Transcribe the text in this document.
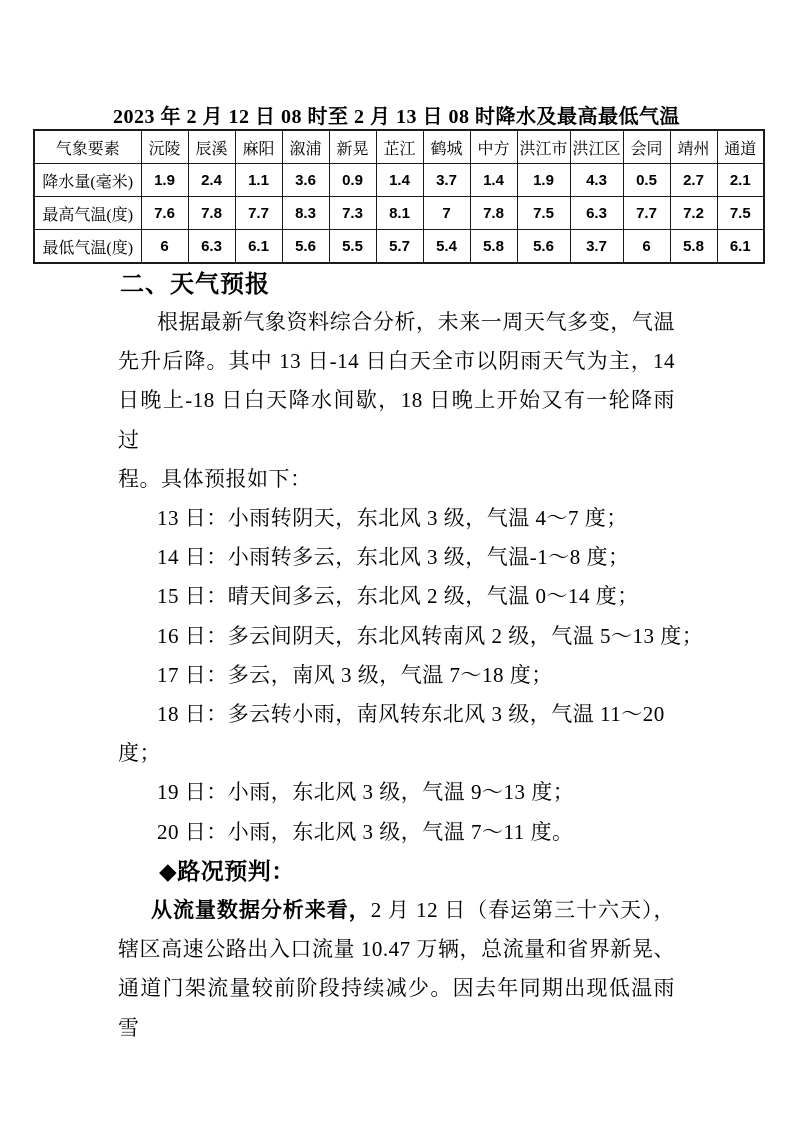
2023 年 2 月 12 日 08 时至 2 月 13 日 08 时降水及最高最低气温
气象要素	沅陵	辰溪	麻阳	溆浦	新晃	芷江	鹤城	中方	洪江市	洪江区	会同	靖州	通道
降水量(毫米)	1.9	2.4	1.1	3.6	0.9	1.4	3.7	1.4	1.9	4.3	0.5	2.7	2.1
最高气温(度)	7.6	7.8	7.7	8.3	7.3	8.1	7	7.8	7.5	6.3	7.7	7.2	7.5
最低气温(度)	6	6.3	6.1	5.6	5.5	5.7	5.4	5.8	5.6	3.7	6	5.8	6.1
二、天气预报
根据最新气象资料综合分析，未来一周天气多变，气温
先升后降。其中 13 日-14 日白天全市以阴雨天气为主，14
日晚上-18 日白天降水间歇，18 日晚上开始又有一轮降雨过
程。具体预报如下：
13 日：小雨转阴天，东北风 3 级，气温 4～7 度；
14 日：小雨转多云，东北风 3 级，气温-1～8 度；
15 日：晴天间多云，东北风 2 级，气温 0～14 度；
16 日：多云间阴天，东北风转南风 2 级，气温 5～13 度；
17 日：多云，南风 3 级，气温 7～18 度；
18 日：多云转小雨，南风转东北风 3 级，气温 11～20
度；
19 日：小雨，东北风 3 级，气温 9～13 度；
20 日：小雨，东北风 3 级，气温 7～11 度。
◆路况预判：
从流量数据分析来看，2 月 12 日（春运第三十六天），
辖区高速公路出入口流量 10.47 万辆，总流量和省界新晃、
通道门架流量较前阶段持续减少。因去年同期出现低温雨雪
